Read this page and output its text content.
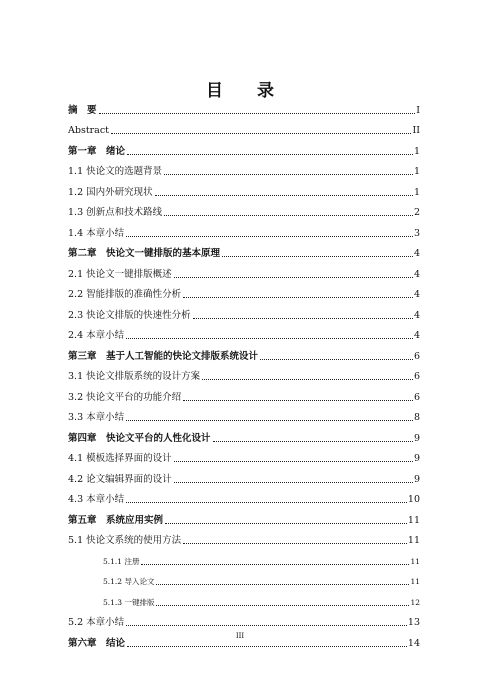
目 录
摘　要	I
Abstract	II
第一章　绪论	1
1.1 快论文的选题背景	1
1.2 国内外研究现状	1
1.3 创新点和技术路线	2
1.4 本章小结	3
第二章　快论文一键排版的基本原理	4
2.1 快论文一键排版概述	4
2.2 智能排版的准确性分析	4
2.3 快论文排版的快速性分析	4
2.4 本章小结	4
第三章　基于人工智能的快论文排版系统设计	6
3.1 快论文排版系统的设计方案	6
3.2 快论文平台的功能介绍	6
3.3 本章小结	8
第四章　快论文平台的人性化设计	9
4.1 模板选择界面的设计	9
4.2 论文编辑界面的设计	9
4.3 本章小结	10
第五章　系统应用实例	11
5.1 快论文系统的使用方法	11
5.1.1 注册	11
5.1.2 导入论文	11
5.1.3 一键排版	12
5.2 本章小结	13
第六章　结论	14
III
